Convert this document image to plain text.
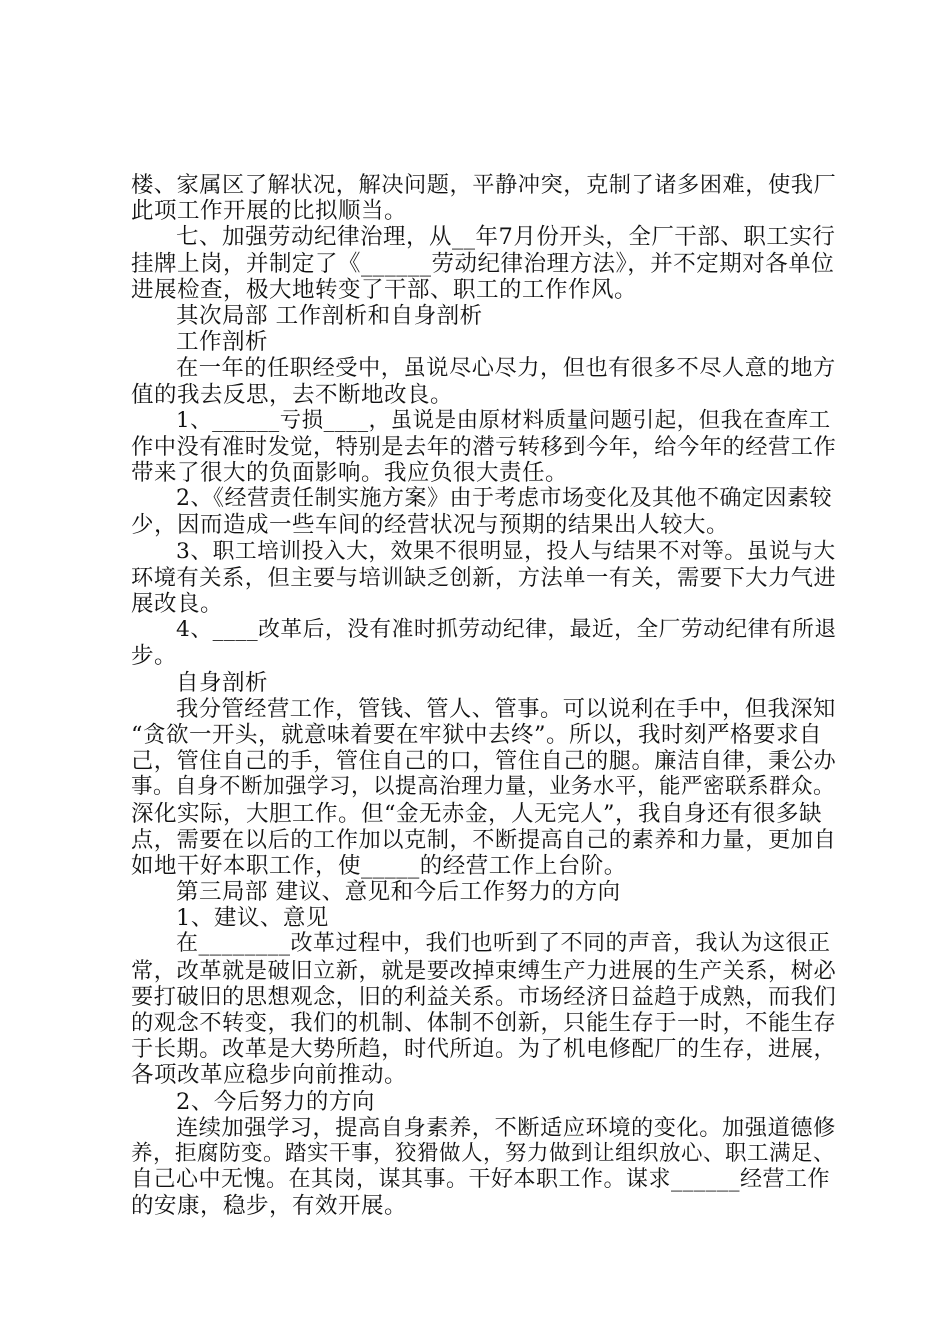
楼、家属区了解状况，解决问题，平静冲突，克制了诸多困难，使我厂
此项工作开展的比拟顺当。
七、加强劳动纪律治理，从__年7月份开头，全厂干部、职工实行
挂牌上岗，并制定了《______劳动纪律治理方法》，并不定期对各单位
进展检查，极大地转变了干部、职工的工作作风。
其次局部 工作剖析和自身剖析
工作剖析
在一年的任职经受中，虽说尽心尽力，但也有很多不尽人意的地方
值的我去反思，去不断地改良。
1、______亏损____，虽说是由原材料质量问题引起，但我在查库工
作中没有准时发觉，特别是去年的潜亏转移到今年，给今年的经营工作
带来了很大的负面影响。我应负很大责任。
2、《经营责任制实施方案》由于考虑市场变化及其他不确定因素较
少，因而造成一些车间的经营状况与预期的结果出人较大。
3、职工培训投入大，效果不很明显，投人与结果不对等。虽说与大
环境有关系，但主要与培训缺乏创新，方法单一有关，需要下大力气进
展改良。
4、____改革后，没有准时抓劳动纪律，最近，全厂劳动纪律有所退
步。
自身剖析
我分管经营工作，管钱、管人、管事。可以说利在手中，但我深知
“贪欲一开头，就意味着要在牢狱中去终”。所以，我时刻严格要求自
己，管住自己的手，管住自己的口，管住自己的腿。廉洁自律，秉公办
事。自身不断加强学习，以提高治理力量，业务水平，能严密联系群众。
深化实际，大胆工作。但“金无赤金，人无完人”，我自身还有很多缺
点，需要在以后的工作加以克制，不断提高自己的素养和力量，更加自
如地干好本职工作，使_____的经营工作上台阶。
第三局部 建议、意见和今后工作努力的方向
1、建议、意见
在________改革过程中，我们也听到了不同的声音，我认为这很正
常，改革就是破旧立新，就是要改掉束缚生产力进展的生产关系，树必
要打破旧的思想观念，旧的利益关系。市场经济日益趋于成熟，而我们
的观念不转变，我们的机制、体制不创新，只能生存于一时，不能生存
于长期。改革是大势所趋，时代所迫。为了机电修配厂的生存，进展，
各项改革应稳步向前推动。
2、今后努力的方向
连续加强学习，提高自身素养，不断适应环境的变化。加强道德修
养，拒腐防变。踏实干事，狡猾做人，努力做到让组织放心、职工满足、
自己心中无愧。在其岗，谋其事。干好本职工作。谋求______经营工作
的安康，稳步，有效开展。
